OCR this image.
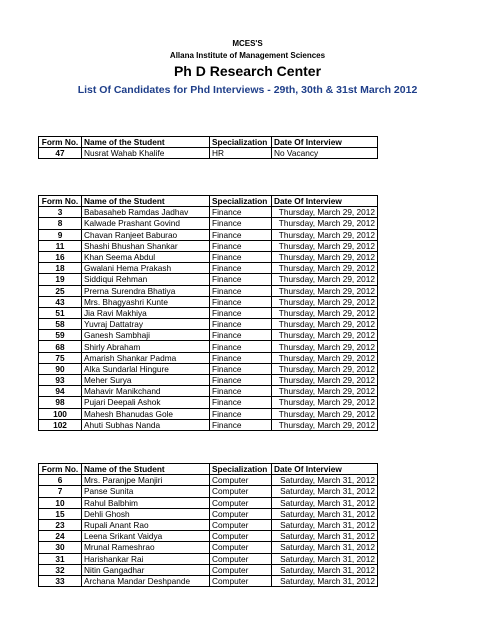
MCES'S
Allana Institute of Management Sciences
Ph D Research Center
List Of Candidates for Phd Interviews - 29th, 30th & 31st March 2012
Form No.	Name of the Student	Specialization	Date Of Interview
47	Nusrat Wahab Khalife	HR	No Vacancy
Form No.	Name of the Student	Specialization	Date Of Interview
3	Babasaheb Ramdas Jadhav	Finance	Thursday, March 29, 2012
8	Kalwade Prashant Govind	Finance	Thursday, March 29, 2012
9	Chavan Ranjeet Baburao	Finance	Thursday, March 29, 2012
11	Shashi Bhushan Shankar	Finance	Thursday, March 29, 2012
16	Khan Seema Abdul	Finance	Thursday, March 29, 2012
18	Gwalani Hema Prakash	Finance	Thursday, March 29, 2012
19	Siddiqui Rehman	Finance	Thursday, March 29, 2012
25	Prerna Surendra Bhatiya	Finance	Thursday, March 29, 2012
43	Mrs. Bhagyashri Kunte	Finance	Thursday, March 29, 2012
51	Jia Ravi Makhiya	Finance	Thursday, March 29, 2012
58	Yuvraj Dattatray	Finance	Thursday, March 29, 2012
59	Ganesh Sambhaji	Finance	Thursday, March 29, 2012
68	Shirly Abraham	Finance	Thursday, March 29, 2012
75	Amarish Shankar Padma	Finance	Thursday, March 29, 2012
90	Alka Sundarlal Hingure	Finance	Thursday, March 29, 2012
93	Meher Surya	Finance	Thursday, March 29, 2012
94	Mahavir Manikchand	Finance	Thursday, March 29, 2012
98	Pujari Deepali Ashok	Finance	Thursday, March 29, 2012
100	Mahesh Bhanudas Gole	Finance	Thursday, March 29, 2012
102	Ahuti Subhas Nanda	Finance	Thursday, March 29, 2012
Form No.	Name of the Student	Specialization	Date Of Interview
6	Mrs. Paranjpe Manjiri	Computer	Saturday, March 31, 2012
7	Panse Sunita	Computer	Saturday, March 31, 2012
10	Rahul Balbhim	Computer	Saturday, March 31, 2012
15	Dehli Ghosh	Computer	Saturday, March 31, 2012
23	Rupali Anant Rao	Computer	Saturday, March 31, 2012
24	Leena Srikant Vaidya	Computer	Saturday, March 31, 2012
30	Mrunal Rameshrao	Computer	Saturday, March 31, 2012
31	Harishankar Rai	Computer	Saturday, March 31, 2012
32	Nitin Gangadhar	Computer	Saturday, March 31, 2012
33	Archana Mandar Deshpande	Computer	Saturday, March 31, 2012
